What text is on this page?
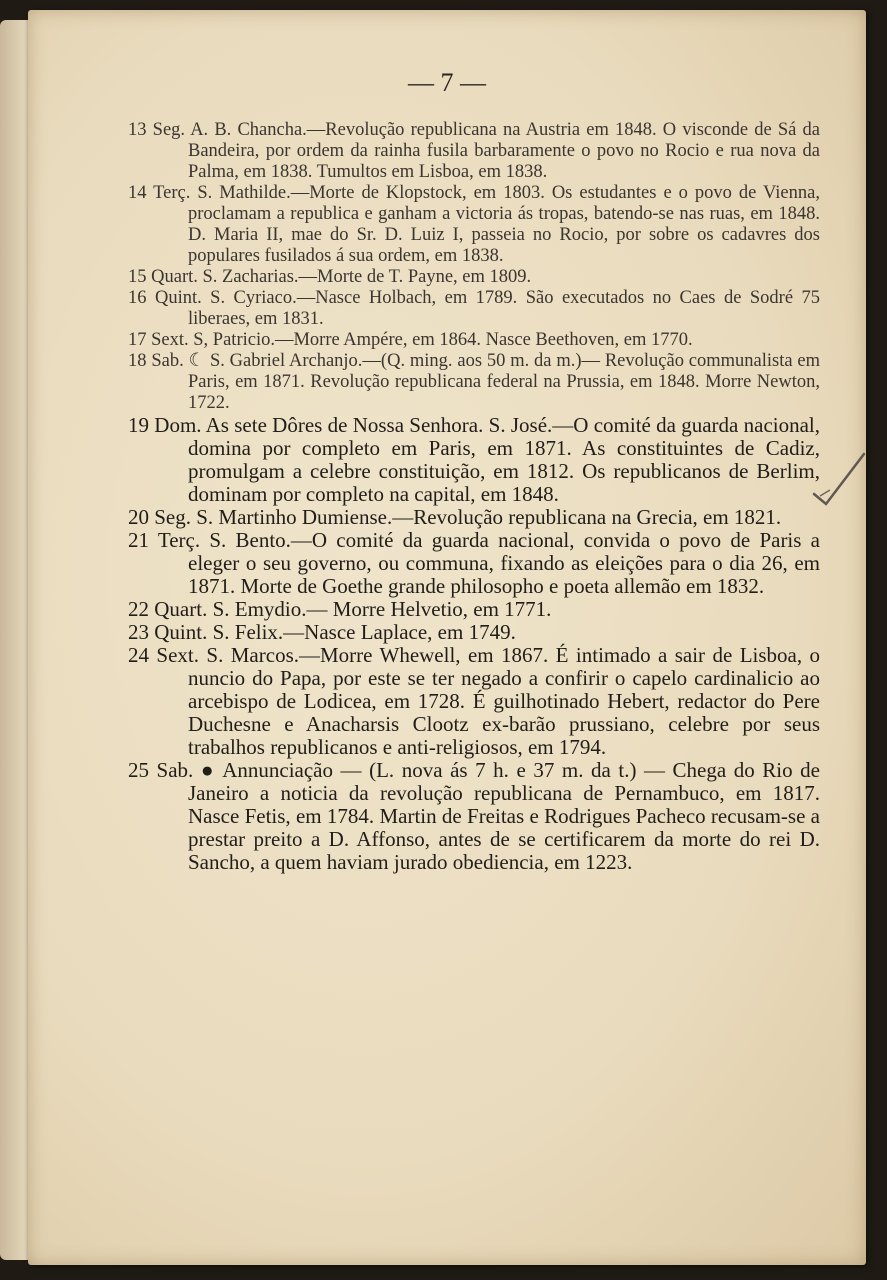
— 7 —

13 Seg. A. B. Chancha.—Revolução republicana na Austria em 1848. O visconde de Sá da Bandeira, por ordem da rainha fusila barbaramente o povo no Rocio e rua nova da Palma, em 1838. Tumultos em Lisboa, em 1838.

14 Terç. S. Mathilde.—Morte de Klopstock, em 1803. Os estudantes e o povo de Vienna, proclamam a republica e ganham a victoria ás tropas, batendo-se nas ruas, em 1848. D. Maria II, mae do Sr. D. Luiz I, passeia no Rocio, por sobre os cadavres dos populares fusilados á sua ordem, em 1838.

15 Quart. S. Zacharias.—Morte de T. Payne, em 1809.

16 Quint. S. Cyriaco.—Nasce Holbach, em 1789. São executados no Caes de Sodré 75 liberaes, em 1831.

17 Sext. S, Patricio.—Morre Ampére, em 1864. Nasce Beethoven, em 1770.

18 Sab. ☾ S. Gabriel Archanjo.—(Q. ming. aos 50 m. da m.)— Revolução communalista em Paris, em 1871. Revolução republicana federal na Prussia, em 1848. Morre Newton, 1722.

19 Dom. As sete Dôres de Nossa Senhora. S. José.—O comité da guarda nacional, domina por completo em Paris, em 1871. As constituintes de Cadiz, promulgam a celebre constituição, em 1812. Os republicanos de Berlim, dominam por completo na capital, em 1848.

20 Seg. S. Martinho Dumiense.—Revolução republicana na Grecia, em 1821.

21 Terç. S. Bento.—O comité da guarda nacional, convida o povo de Paris a eleger o seu governo, ou communa, fixando as eleições para o dia 26, em 1871. Morte de Goethe grande philosopho e poeta allemão em 1832.

22 Quart. S. Emydio.— Morre Helvetio, em 1771.

23 Quint. S. Felix.—Nasce Laplace, em 1749.

24 Sext. S. Marcos.—Morre Whewell, em 1867. É intimado a sair de Lisboa, o nuncio do Papa, por este se ter negado a confirir o capelo cardinalicio ao arcebispo de Lodicea, em 1728. É guilhotinado Hebert, redactor do Pere Duchesne e Anacharsis Clootz ex-barão prussiano, celebre por seus trabalhos republicanos e anti-religiosos, em 1794.

25 Sab. ● Annunciação — (L. nova ás 7 h. e 37 m. da t.) — Chega do Rio de Janeiro a noticia da revolução republicana de Pernambuco, em 1817. Nasce Fetis, em 1784. Martin de Freitas e Rodrigues Pacheco recusam-se a prestar preito a D. Affonso, antes de se certificarem da morte do rei D. Sancho, a quem haviam jurado obediencia, em 1223.
